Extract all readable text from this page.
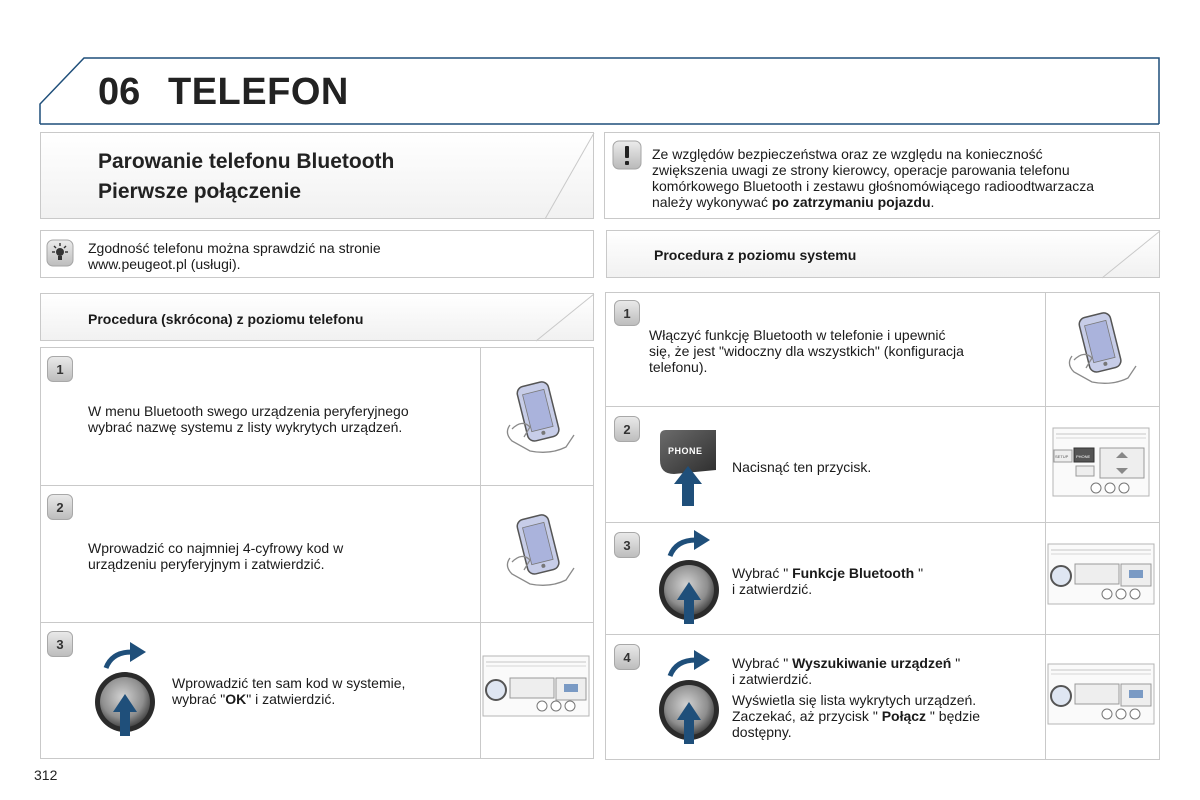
06 TELEFON
Parowanie telefonu Bluetooth
Pierwsze połączenie
Ze względów bezpieczeństwa oraz ze względu na konieczność zwiększenia uwagi ze strony kierowcy, operacje parowania telefonu komórkowego Bluetooth i zestawu głośnomówiącego radioodtwarzacza należy wykonywać po zatrzymaniu pojazdu.
Zgodność telefonu można sprawdzić na stronie
www.peugeot.pl (usługi).
Procedura (skrócona) z poziomu telefonu
1
W menu Bluetooth swego urządzenia peryferyjnego
wybrać nazwę systemu z listy wykrytych urządzeń.
2
Wprowadzić co najmniej 4-cyfrowy kod w
urządzeniu peryferyjnym i zatwierdzić.
3
Wprowadzić ten sam kod w systemie,
wybrać "OK" i zatwierdzić.
Procedura z poziomu systemu
1
Włączyć funkcję Bluetooth w telefonie i upewnić
się, że jest "widoczny dla wszystkich" (konfiguracja
telefonu).
2
PHONE
Nacisnąć ten przycisk.
SETUP PHONE
3
Wybrać " Funkcje Bluetooth "
i zatwierdzić.
4	Wybrać " Wyszukiwanie urządzeń "
i zatwierdzić.
Wyświetla się lista wykrytych urządzeń.
Zaczekać, aż przycisk " Połącz " będzie
dostępny.
312
